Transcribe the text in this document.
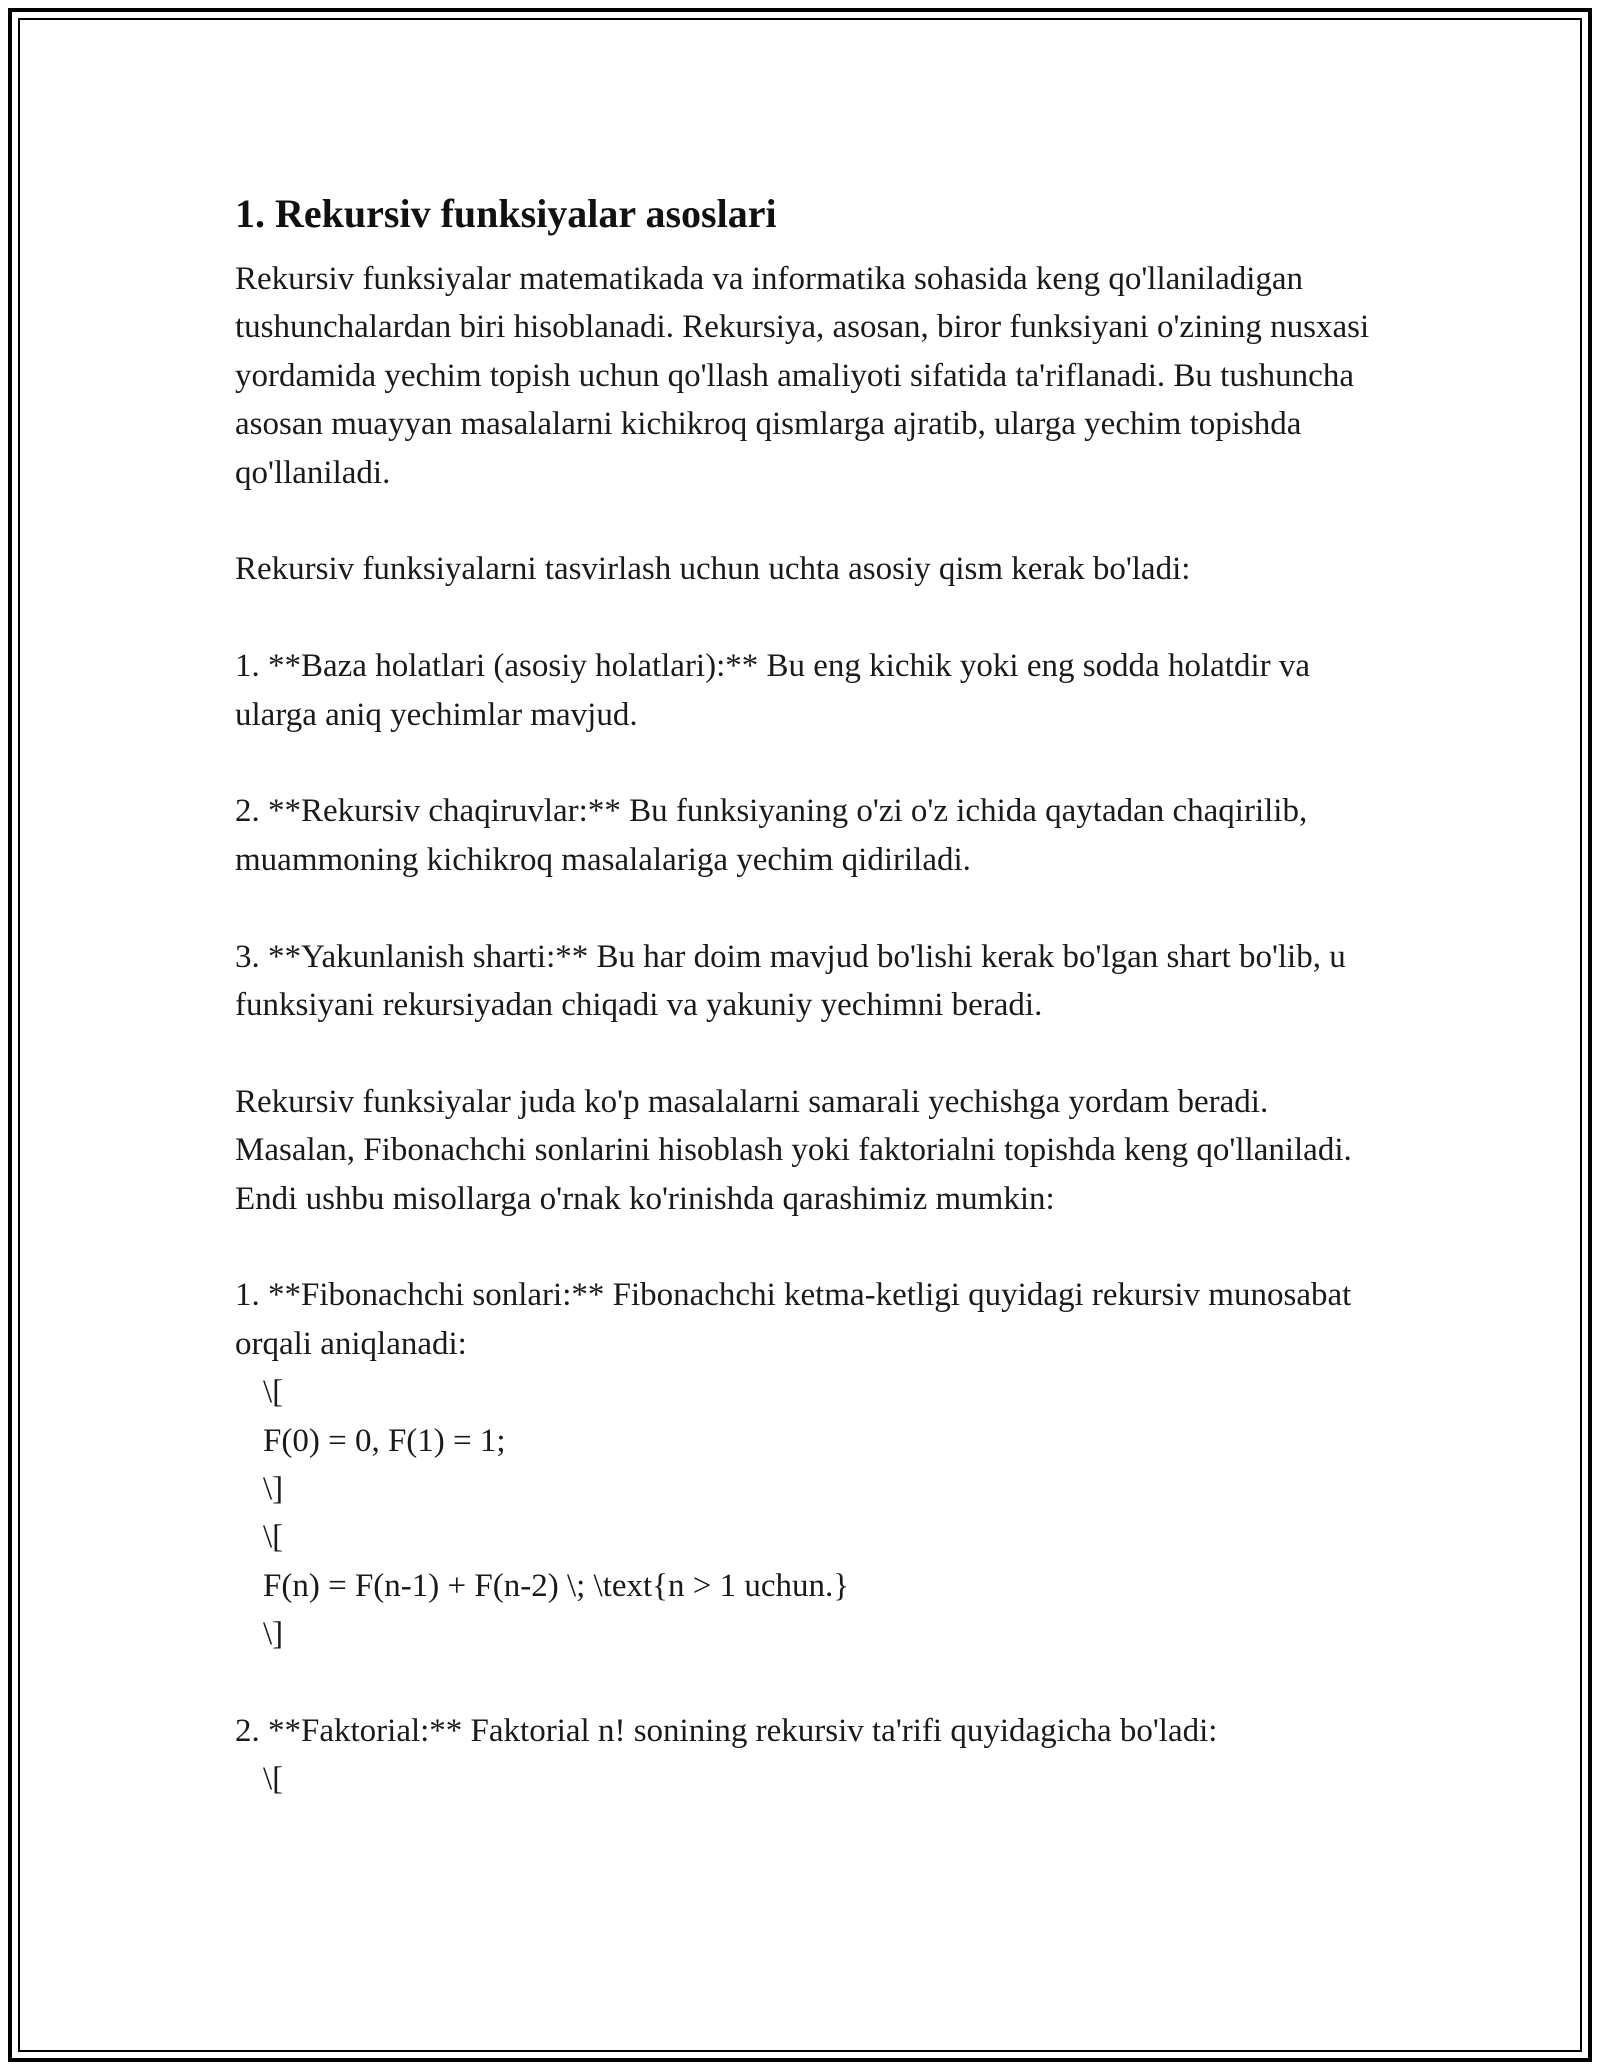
1. Rekursiv funksiyalar asoslari

Rekursiv funksiyalar matematikada va informatika sohasida keng qo'llaniladigan tushunchalardan biri hisoblanadi. Rekursiya, asosan, biror funksiyani o'zining nusxasi yordamida yechim topish uchun qo'llash amaliyoti sifatida ta'riflanadi. Bu tushuncha asosan muayyan masalalarni kichikroq qismlarga ajratib, ularga yechim topishda qo'llaniladi.

Rekursiv funksiyalarni tasvirlash uchun uchta asosiy qism kerak bo'ladi:

1. **Baza holatlari (asosiy holatlari):** Bu eng kichik yoki eng sodda holatdir va ularga aniq yechimlar mavjud.

2. **Rekursiv chaqiruvlar:** Bu funksiyaning o'zi o'z ichida qaytadan chaqirilib, muammoning kichikroq masalalariga yechim qidiriladi.

3. **Yakunlanish sharti:** Bu har doim mavjud bo'lishi kerak bo'lgan shart bo'lib, u funksiyani rekursiyadan chiqadi va yakuniy yechimni beradi.

Rekursiv funksiyalar juda ko'p masalalarni samarali yechishga yordam beradi. Masalan, Fibonachchi sonlarini hisoblash yoki faktorialni topishda keng qo'llaniladi. Endi ushbu misollarga o'rnak ko'rinishda qarashimiz mumkin:

1. **Fibonachchi sonlari:** Fibonachchi ketma-ketligi quyidagi rekursiv munosabat orqali aniqlanadi:

\[
F(0) = 0, F(1) = 1;
\]
\[
F(n) = F(n-1) + F(n-2) \; \text{n > 1 uchun.}
\]

2. **Faktorial:** Faktorial n! sonining rekursiv ta'rifi quyidagicha bo'ladi:

\[
